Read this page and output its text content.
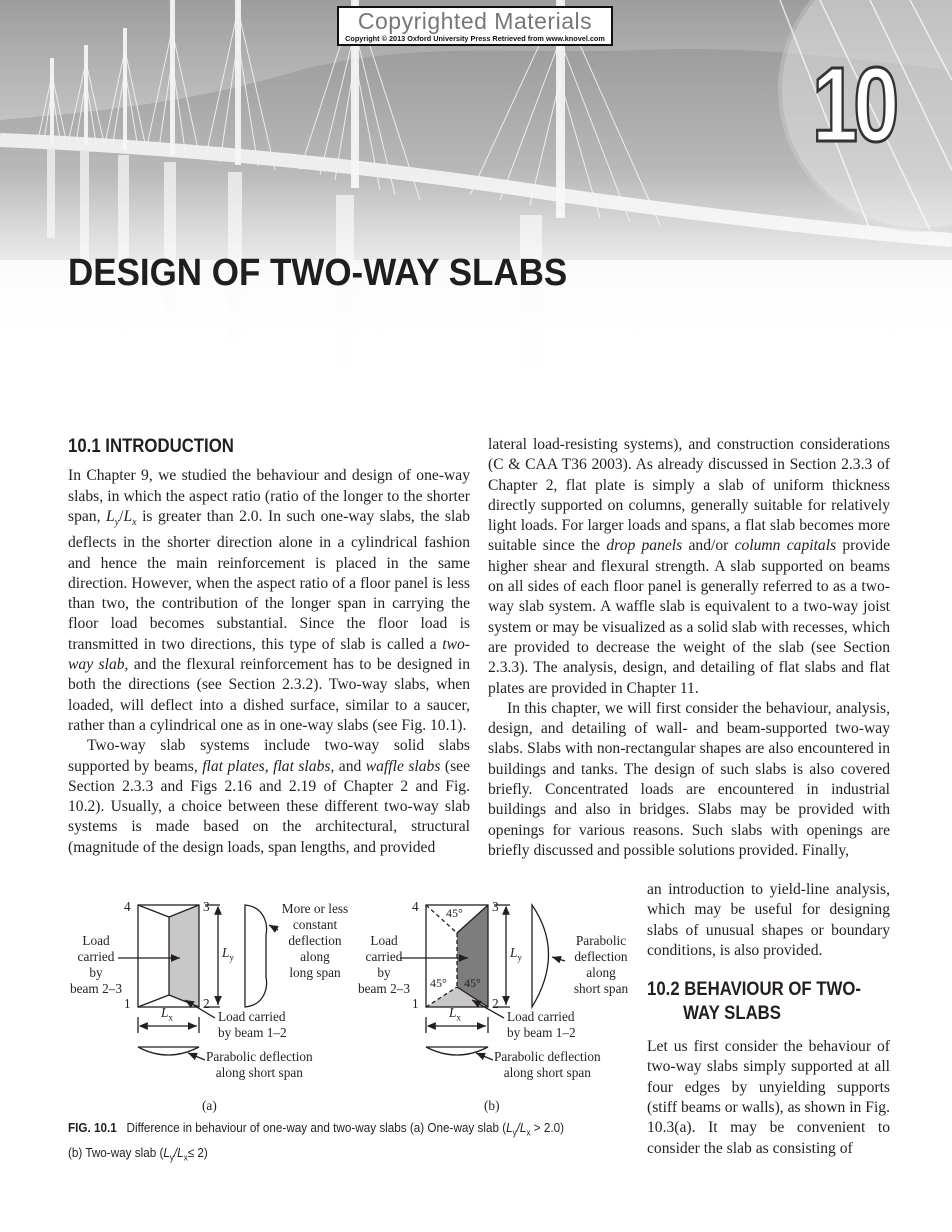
Copyrighted Materials
Copyright © 2013 Oxford University Press Retrieved from www.knovel.com
10
DESIGN OF TWO-WAY SLABS
10.1 INTRODUCTION

In Chapter 9, we studied the behaviour and design of one-way slabs, in which the aspect ratio (ratio of the longer to the shorter span, $L_y/L_x$ is greater than 2.0. In such one-way slabs, the slab deflects in the shorter direction alone in a cylindrical fashion and hence the main reinforcement is placed in the same direction. However, when the aspect ratio of a floor panel is less than two, the contribution of the longer span in carrying the floor load becomes substantial. Since the floor load is transmitted in two directions, this type of slab is called a two-way slab, and the flexural reinforcement has to be designed in both the directions (see Section 2.3.2). Two-way slabs, when loaded, will deflect into a dished surface, similar to a saucer, rather than a cylindrical one as in one-way slabs (see Fig. 10.1).

Two-way slab systems include two-way solid slabs supported by beams, flat plates, flat slabs, and waffle slabs (see Section 2.3.3 and Figs 2.16 and 2.19 of Chapter 2 and Fig. 10.2). Usually, a choice between these different two-way slab systems is made based on the architectural, structural (magnitude of the design loads, span lengths, and provided

lateral load-resisting systems), and construction considerations (C & CAA T36 2003). As already discussed in Section 2.3.3 of Chapter 2, flat plate is simply a slab of uniform thickness directly supported on columns, generally suitable for relatively light loads. For larger loads and spans, a flat slab becomes more suitable since the drop panels and/or column capitals provide higher shear and flexural strength. A slab supported on beams on all sides of each floor panel is generally referred to as a two-way slab system. A waffle slab is equivalent to a two-way joist system or may be visualized as a solid slab with recesses, which are provided to decrease the weight of the slab (see Section 2.3.3). The analysis, design, and detailing of flat slabs and flat plates are provided in Chapter 11.

In this chapter, we will first consider the behaviour, analysis, design, and detailing of wall- and beam-supported two-way slabs. Slabs with non-rectangular shapes are also encountered in buildings and tanks. The design of such slabs is also covered briefly. Concentrated loads are encountered in industrial buildings and also in bridges. Slabs may be provided with openings for various reasons. Such slabs with openings are briefly discussed and possible solutions provided. Finally,

an introduction to yield-line analysis, which may be useful for designing slabs of unusual shapes or boundary conditions, is also provided.

10.2 BEHAVIOUR OF TWO-
WAY SLABS

Let us first consider the behaviour of two-way slabs simply supported at all four edges by unyielding supports (stiff beams or walls), as shown in Fig. 10.3(a). It may be convenient to consider the slab as consisting of

4	3
1	2
Load
carried
by
beam 2–3
$L_y$
$L_x$
More or less
constant
deflection
along
long span
Load carried
by beam 1–2
Parabolic deflection
along short span
(a)
4	3
1	2
45°
45° 45°
Load
carried
by
beam 2–3
$L_y$
$L_x$
Parabolic
deflection
along
short span
Load carried
by beam 1–2
Parabolic deflection
along short span
(b)
FIG. 10.1 Difference in behaviour of one-way and two-way slabs (a) One-way slab $(L_y/L_x > 2.0)$
(b) Two-way slab $(L_y/L_x\le 2)$
